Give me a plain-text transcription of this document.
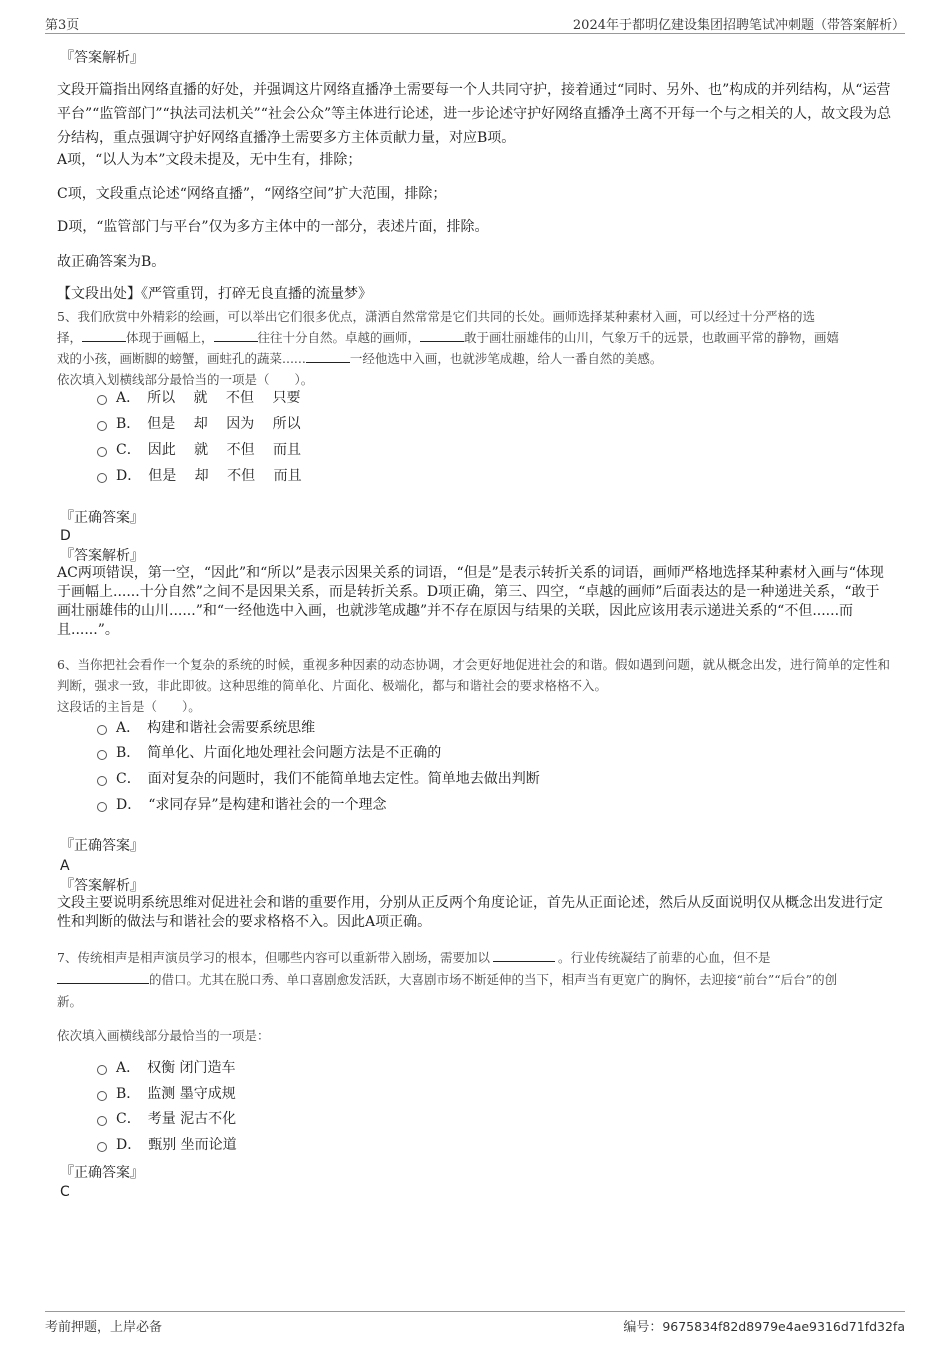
第3页	2024年于都明亿建设集团招聘笔试冲刺题（带答案解析）
『答案解析』
文段开篇指出网络直播的好处，并强调这片网络直播净土需要每一个人共同守护，接着通过“同时、另外、也”构成的并列结构，从“运营平台”“监管部门”“执法司法机关”“社会公众”等主体进行论述，进一步论述守护好网络直播净土离不开每一个与之相关的人，故文段为总分结构，重点强调守护好网络直播净土需要多方主体贡献力量，对应B项。
A项，“以人为本”文段未提及，无中生有，排除；
C项，文段重点论述“网络直播”，“网络空间”扩大范围，排除；
D项，“监管部门与平台”仅为多方主体中的一部分，表述片面，排除。
故正确答案为B。
【文段出处】《严管重罚，打碎无良直播的流量梦》
5、我们欣赏中外精彩的绘画，可以举出它们很多优点，潇洒自然常常是它们共同的长处。画师选择某种素材入画，可以经过十分严格的选
择，	体现于画幅上，	往往十分自然。卓越的画师，	敢于画壮丽雄伟的山川，气象万千的远景，也敢画平常的静物，画嬉
戏的小孩，画断脚的螃蟹，画蛀孔的蔬菜......	一经他选中入画，也就涉笔成趣，给人一番自然的美感。
依次填入划横线部分最恰当的一项是（　　）。
A．　所以　 就　 不但　 只要
B．　但是　 却　 因为　 所以
C．　因此　 就　 不但　 而且
D．　但是　 却　 不但　 而且
『正确答案』
D
『答案解析』
AC两项错误，第一空，“因此”和“所以”是表示因果关系的词语，“但是”是表示转折关系的词语，画师严格地选择某种素材入画与“体现于画幅上......十分自然”之间不是因果关系，而是转折关系。D项正确，第三、四空，“卓越的画师”后面表达的是一种递进关系，“敢于画壮丽雄伟的山川......”和“一经他选中入画，也就涉笔成趣”并不存在原因与结果的关联，因此应该用表示递进关系的“不但......而且......”。
6、当你把社会看作一个复杂的系统的时候，重视多种因素的动态协调，才会更好地促进社会的和谐。假如遇到问题，就从概念出发，进行简单的定性和判断，强求一致，非此即彼。这种思维的简单化、片面化、极端化，都与和谐社会的要求格格不入。
这段话的主旨是（　　）。
A．　构建和谐社会需要系统思维
B．　简单化、片面化地处理社会问题方法是不正确的
C．　面对复杂的问题时，我们不能简单地去定性。简单地去做出判断
D．　“求同存异”是构建和谐社会的一个理念
『正确答案』
A
『答案解析』
文段主要说明系统思维对促进社会和谐的重要作用，分别从正反两个角度论证，首先从正面论述，然后从反面说明仅从概念出发进行定性和判断的做法与和谐社会的要求格格不入。因此A项正确。
7、传统相声是相声演员学习的根本，但哪些内容可以重新带入剧场，需要加以	。行业传统凝结了前辈的心血，但不是
的借口。尤其在脱口秀、单口喜剧愈发活跃，大喜剧市场不断延伸的当下，相声当有更宽广的胸怀，去迎接“前台”“后台”的创
新。
依次填入画横线部分最恰当的一项是：
A．　权衡 闭门造车
B．　监测 墨守成规
C．　考量 泥古不化
D．　甄别 坐而论道
『正确答案』
C
考前押题，上岸必备	编号：9675834f82d8979e4ae9316d71fd32fa
